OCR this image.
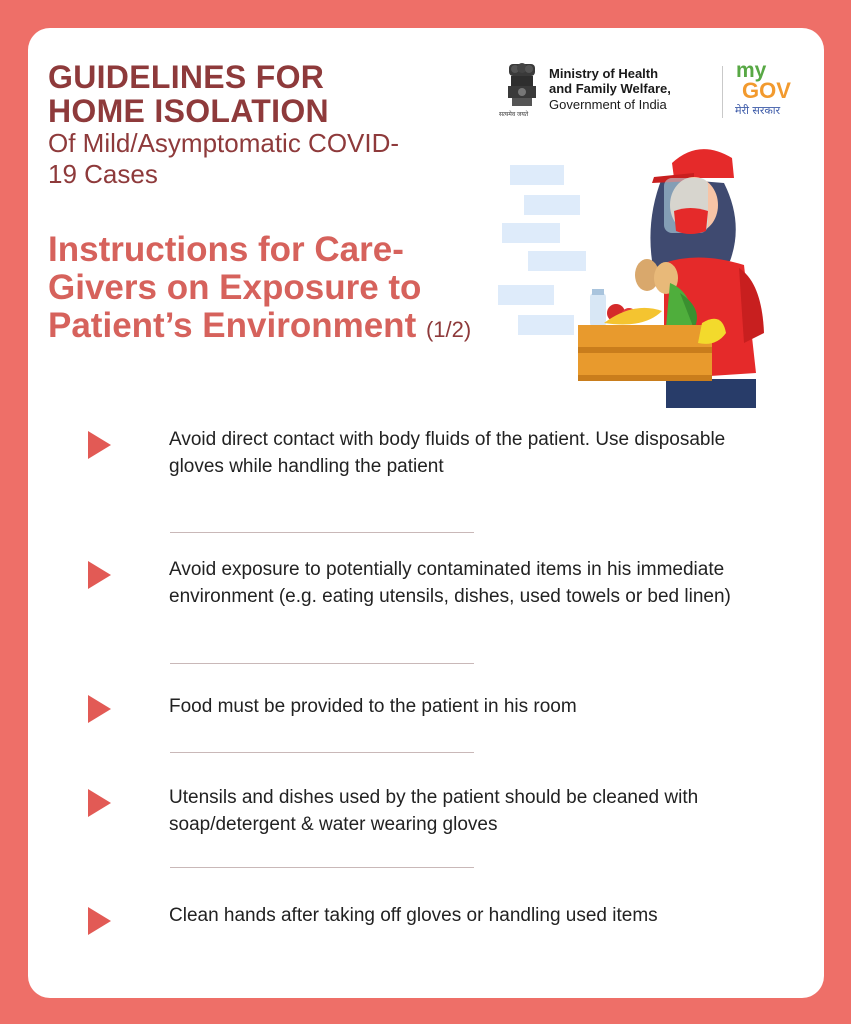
GUIDELINES FOR HOME ISOLATION

Of Mild/Asymptomatic COVID-19 Cases

Instructions for Care-Givers on Exposure to Patient’s Environment (1/2)
सत्यमेव जयते
Ministry of Health
and Family Welfare,
Government of India
my
GOV
मेरी सरकार

Avoid direct contact with body fluids of the patient. Use disposable gloves while handling the patient

Avoid exposure to potentially contaminated items in his immediate environment (e.g. eating utensils, dishes, used towels or bed linen)

Food must be provided to the patient in his room

Utensils and dishes used by the patient should be cleaned with soap/detergent & water wearing gloves

Clean hands after taking off gloves or handling used items
